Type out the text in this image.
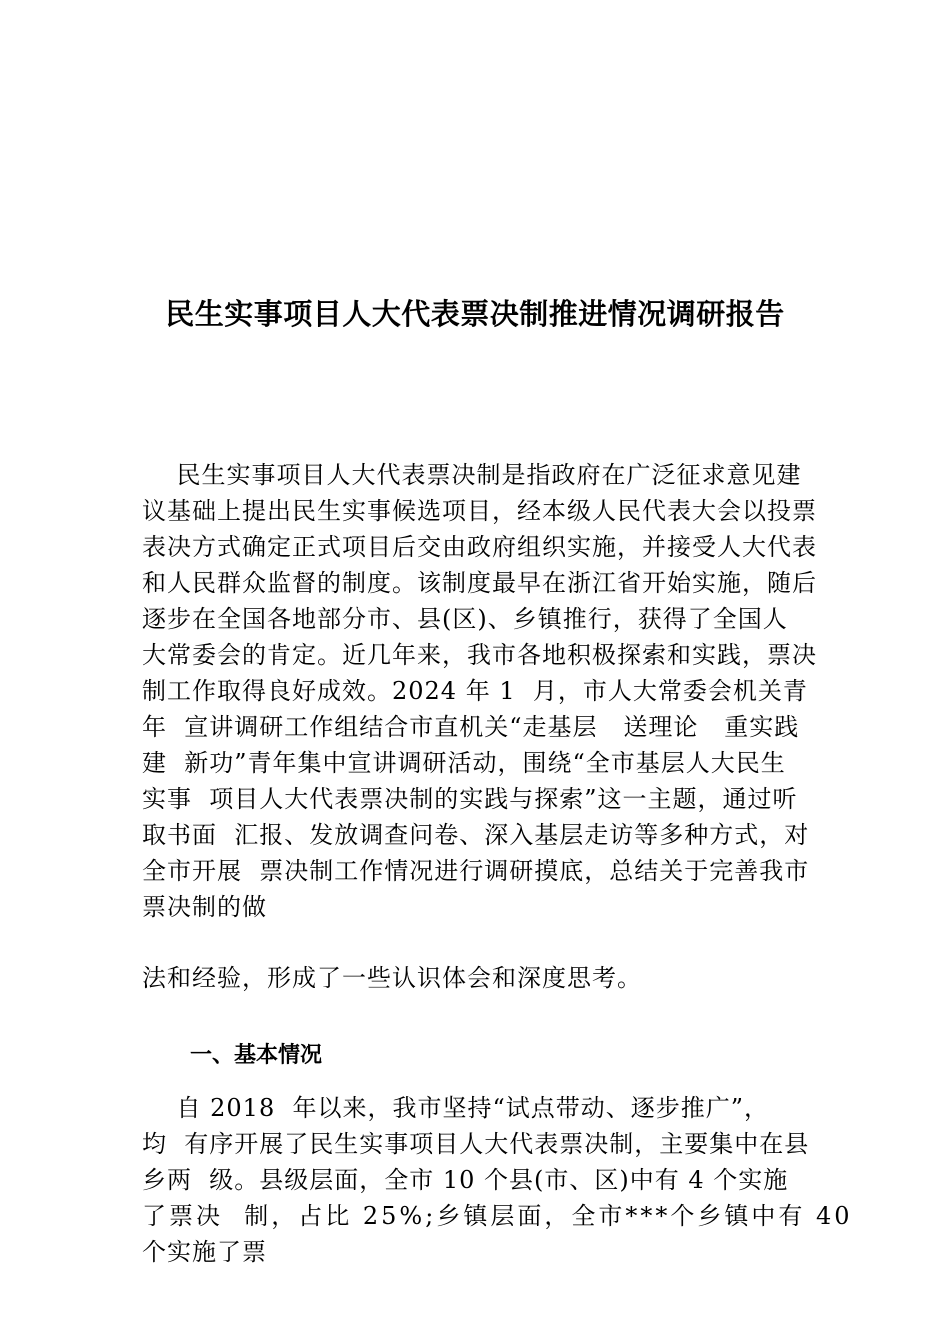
民生实事项目人大代表票决制推进情况调研报告
民生实事项目人大代表票决制是指政府在广泛征求意见建
议基础上提出民生实事候选项目，经本级人民代表大会以投票
表决方式确定正式项目后交由政府组织实施，并接受人大代表
和人民群众监督的制度。该制度最早在浙江省开始实施，随后
逐步在全国各地部分市、县(区)、乡镇推行，获得了全国人
大常委会的肯定。近几年来，我市各地积极探索和实践，票决
制工作取得良好成效。2024 年 1  月，市人大常委会机关青
年  宣讲调研工作组结合市直机关“走基层   送理论   重实践
建  新功”青年集中宣讲调研活动，围绕“全市基层人大民生
实事  项目人大代表票决制的实践与探索”这一主题，通过听
取书面  汇报、发放调查问卷、深入基层走访等多种方式，对
全市开展  票决制工作情况进行调研摸底，总结关于完善我市
票决制的做
法和经验，形成了一些认识体会和深度思考。
一、基本情况
自 2018  年以来，我市坚持“试点带动、逐步推广”，
均  有序开展了民生实事项目人大代表票决制，主要集中在县
乡两  级。县级层面，全市 10 个县(市、区)中有 4 个实施
了票决  制，占比 25%;乡镇层面，全市***个乡镇中有 40
个实施了票
